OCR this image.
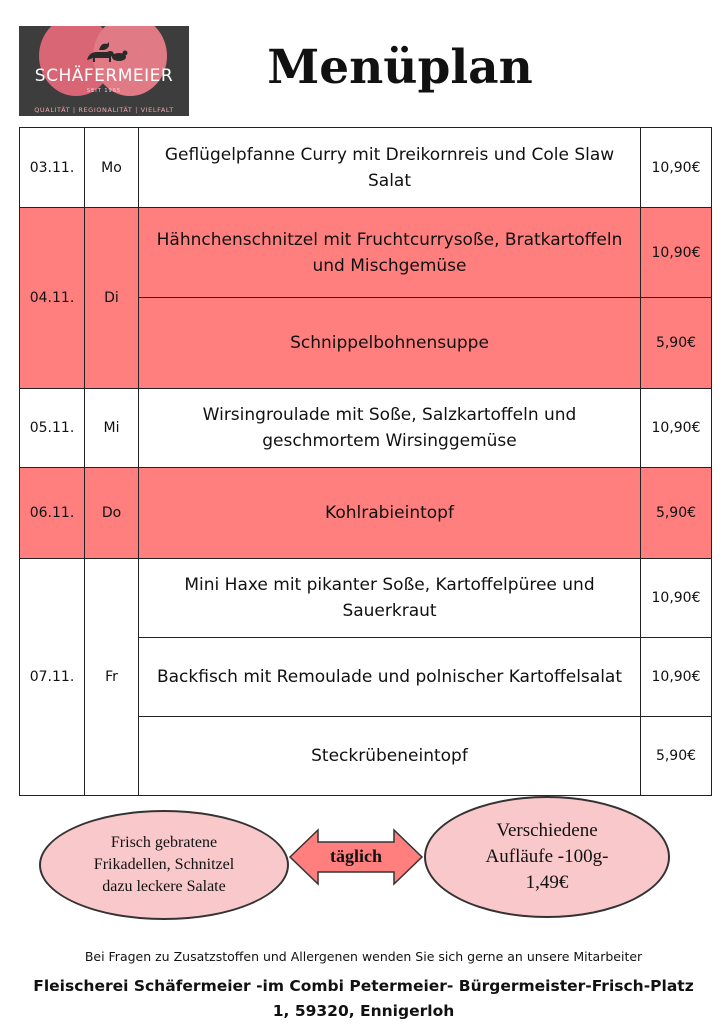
SCHÄFERMEIER
SEIT 1965
QUALITÄT | REGIONALITÄT | VIELFALT
Menüplan
03.11.	Mo	Geflügelpfanne Curry mit Dreikornreis und Cole Slaw Salat	10,90€
04.11.	Di	Hähnchenschnitzel mit Fruchtcurrysoße, Bratkartoffeln und Mischgemüse	10,90€
		Schnippelbohnensuppe	5,90€
05.11.	Mi	Wirsingroulade mit Soße, Salzkartoffeln und geschmortem Wirsinggemüse	10,90€
06.11.	Do	Kohlrabieintopf	5,90€
07.11.	Fr	Mini Haxe mit pikanter Soße, Kartoffelpüree und Sauerkraut	10,90€
		Backfisch mit Remoulade und polnischer Kartoffelsalat	10,90€
		Steckrübeneintopf	5,90€
Frisch gebratene Frikadellen, Schnitzel dazu leckere Salate
täglich
Verschiedene Aufläufe -100g- 1,49€
Bei Fragen zu Zusatzstoffen und Allergenen wenden Sie sich gerne an unsere Mitarbeiter
Fleischerei Schäfermeier -im Combi Petermeier- Bürgermeister-Frisch-Platz 1, 59320, Ennigerloh
